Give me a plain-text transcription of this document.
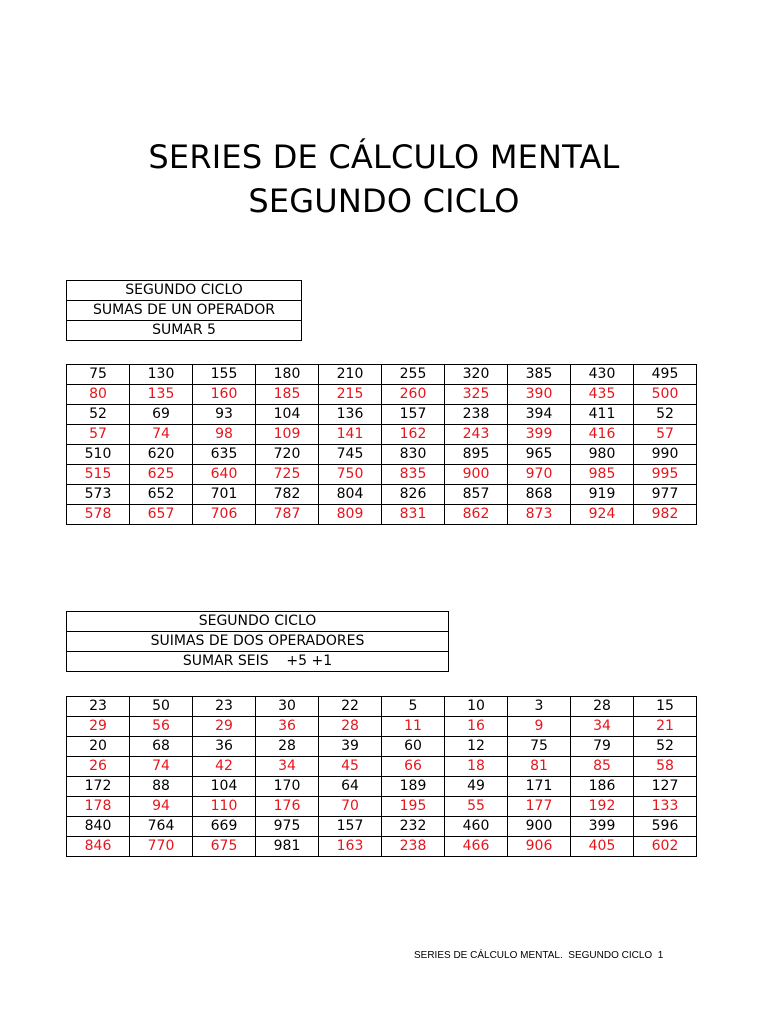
SERIES DE CÁLCULO MENTAL
SEGUNDO CICLO
SEGUNDO CICLO
SUMAS DE UN OPERADOR
SUMAR 5
75	130	155	180	210	255	320	385	430	495
80	135	160	185	215	260	325	390	435	500
52	69	93	104	136	157	238	394	411	52
57	74	98	109	141	162	243	399	416	57
510	620	635	720	745	830	895	965	980	990
515	625	640	725	750	835	900	970	985	995
573	652	701	782	804	826	857	868	919	977
578	657	706	787	809	831	862	873	924	982
SEGUNDO CICLO
SUIMAS DE DOS OPERADORES
SUMAR SEIS    +5 +1
23	50	23	30	22	5	10	3	28	15
29	56	29	36	28	11	16	9	34	21
20	68	36	28	39	60	12	75	79	52
26	74	42	34	45	66	18	81	85	58
172	88	104	170	64	189	49	171	186	127
178	94	110	176	70	195	55	177	192	133
840	764	669	975	157	232	460	900	399	596
846	770	675	981	163	238	466	906	405	602
SERIES DE CÁLCULO MENTAL.  SEGUNDO CICLO  1
